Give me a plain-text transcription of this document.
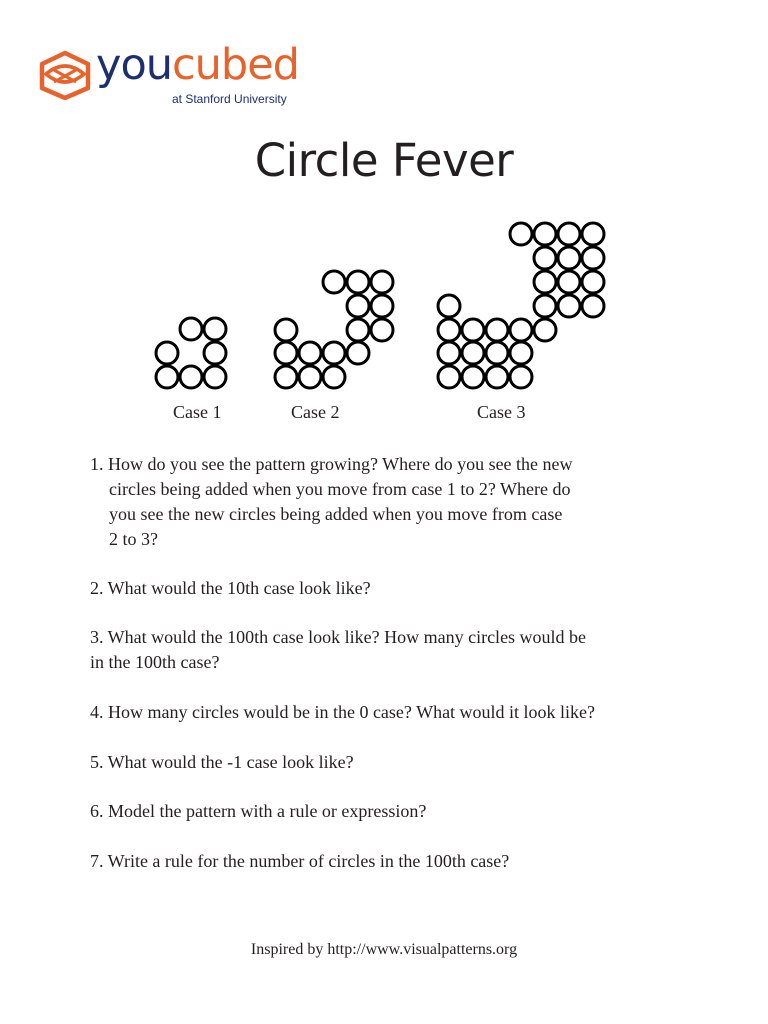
youcubed
at Stanford University
Circle Fever
Case 1	Case 2	Case 3
1. How do you see the pattern growing? Where do you see the new
circles being added when you move from case 1 to 2? Where do
you see the new circles being added when you move from case
2 to 3?
2. What would the 10th case look like?
3. What would the 100th case look like? How many circles would be
in the 100th case?
4. How many circles would be in the 0 case? What would it look like?
5. What would the -1 case look like?
6. Model the pattern with a rule or expression?
7. Write a rule for the number of circles in the 100th case?
Inspired by http://www.visualpatterns.org
